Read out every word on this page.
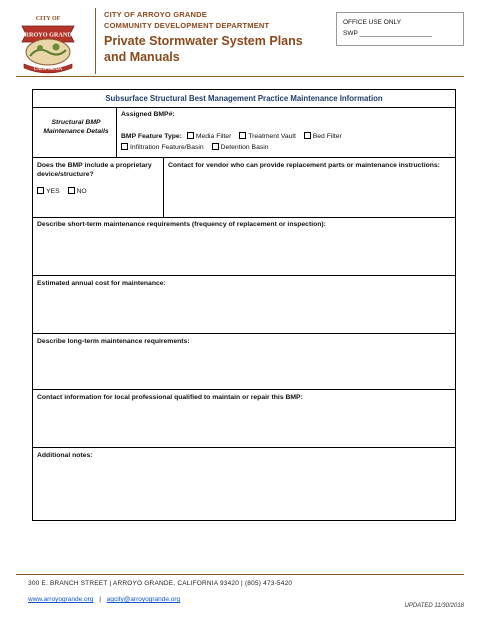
CITY OF
ARROYO GRANDE
CALIFORNIA
CITY OF ARROYO GRANDE
COMMUNITY DEVELOPMENT DEPARTMENT
Private Stormwater System Plans
and Manuals
OFFICE USE ONLY
SWP ____________________
Subsurface Structural Best Management Practice Maintenance Information
Structural BMP Maintenance Details
Assigned BMP#:
BMP Feature Type: Media Filter Treatment Vault Bed Filter
Infiltration Feature/Basin Detention Basin
Does the BMP include a proprietary device/structure?
YES NO
Contact for vendor who can provide replacement parts or maintenance instructions:
Describe short-term maintenance requirements (frequency of replacement or inspection):
Estimated annual cost for maintenance:
Describe long-term maintenance requirements:
Contact information for local professional qualified to maintain or repair this BMP:
Additional notes:
300 E. BRANCH STREET | ARROYO GRANDE, CALIFORNIA 93420 | (805) 473-5420
www.arroyogrande.org | agcity@arroyogrande.org
UPDATED 11/30/2018
